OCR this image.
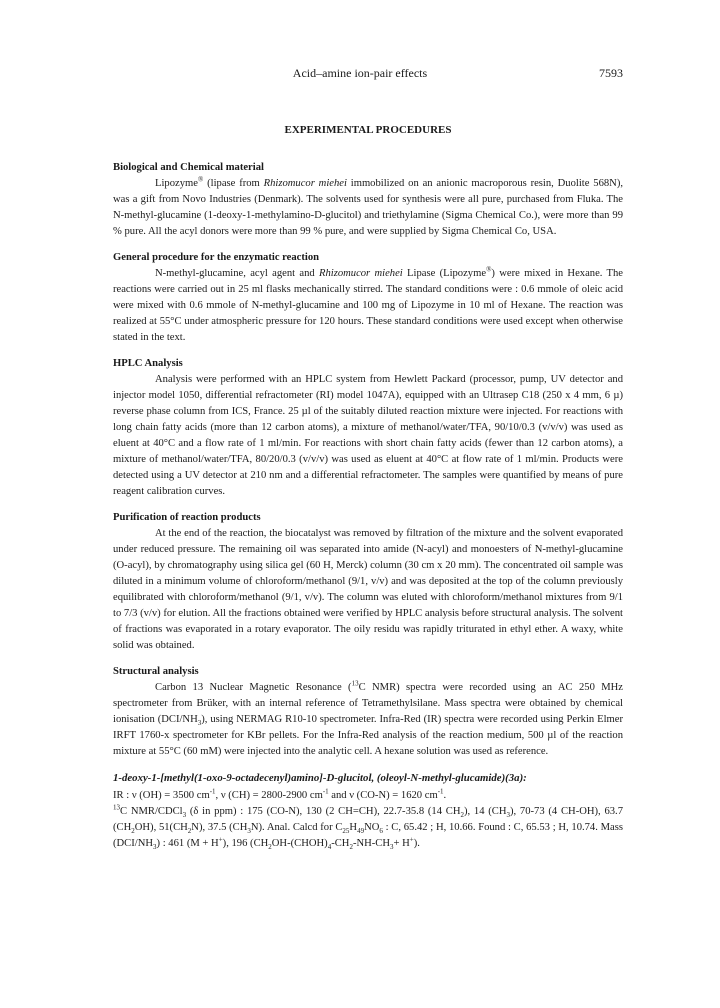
Acid–amine ion-pair effects	7593
EXPERIMENTAL PROCEDURES

Biological and Chemical material

Lipozyme® (lipase from Rhizomucor miehei immobilized on an anionic macroporous resin, Duolite 568N), was a gift from Novo Industries (Denmark). The solvents used for synthesis were all pure, purchased from Fluka. The N-methyl-glucamine (1-deoxy-1-methylamino-D-glucitol) and triethylamine (Sigma Chemical Co.), were more than 99 % pure. All the acyl donors were more than 99 % pure, and were supplied by Sigma Chemical Co, USA.

General procedure for the enzymatic reaction

N-methyl-glucamine, acyl agent and Rhizomucor miehei Lipase (Lipozyme®) were mixed in Hexane. The reactions were carried out in 25 ml flasks mechanically stirred. The standard conditions were : 0.6 mmole of oleic acid were mixed with 0.6 mmole of N-methyl-glucamine and 100 mg of Lipozyme in 10 ml of Hexane. The reaction was realized at 55°C under atmospheric pressure for 120 hours. These standard conditions were used except when otherwise stated in the text.

HPLC Analysis

Analysis were performed with an HPLC system from Hewlett Packard (processor, pump, UV detector and injector model 1050, differential refractometer (RI) model 1047A), equipped with an Ultrasep C18 (250 x 4 mm, 6 µ) reverse phase column from ICS, France. 25 µl of the suitably diluted reaction mixture were injected. For reactions with long chain fatty acids (more than 12 carbon atoms), a mixture of methanol/water/TFA, 90/10/0.3 (v/v/v) was used as eluent at 40°C and a flow rate of 1 ml/min. For reactions with short chain fatty acids (fewer than 12 carbon atoms), a mixture of methanol/water/TFA, 80/20/0.3 (v/v/v) was used as eluent at 40°C at flow rate of 1 ml/min. Products were detected using a UV detector at 210 nm and a differential refractometer. The samples were quantified by means of pure reagent calibration curves.

Purification of reaction products

At the end of the reaction, the biocatalyst was removed by filtration of the mixture and the solvent evaporated under reduced pressure. The remaining oil was separated into amide (N-acyl) and monoesters of N-methyl-glucamine (O-acyl), by chromatography using silica gel (60 H, Merck) column (30 cm x 20 mm). The concentrated oil sample was diluted in a minimum volume of chloroform/methanol (9/1, v/v) and was deposited at the top of the column previously equilibrated with chloroform/methanol (9/1, v/v). The column was eluted with chloroform/methanol mixtures from 9/1 to 7/3 (v/v) for elution. All the fractions obtained were verified by HPLC analysis before structural analysis. The solvent of fractions was evaporated in a rotary evaporator. The oily residu was rapidly triturated in ethyl ether. A waxy, white solid was obtained.

Structural analysis

Carbon 13 Nuclear Magnetic Resonance ($^{13}$C NMR) spectra were recorded using an AC 250 MHz spectrometer from Brüker, with an internal reference of Tetramethylsilane. Mass spectra were obtained by chemical ionisation $(DCI/NH_3)$, using NERMAG R10-10 spectrometer. Infra-Red (IR) spectra were recorded using Perkin Elmer IRFT 1760-x spectrometer for KBr pellets. For the Infra-Red analysis of the reaction medium, 500 µl of the reaction mixture at 55°C (60 mM) were injected into the analytic cell. A hexane solution was used as reference.

1-deoxy-1-[methyl(1-oxo-9-octadecenyl)amino]-D-glucitol, (oleoyl-N-methyl-glucamide)(3a):

IR : ν (OH) = 3500 $cm^{-1}$, ν (CH) = 2800-2900 $cm^{-1}$ and ν (CO-N) = 1620 $cm^{-1}$.

$^{13}$C NMR/CDCl$_3$ (δ in ppm) : 175 (CO-N), 130 (2 CH=CH), 22.7-35.8 (14 $CH_2$), 14 $(CH_3)$, 70-73 (4 CH-OH), 63.7 $(CH_2OH)$, $51(CH_2N)$, 37.5 $(CH_3N)$. Anal. Calcd for $C_{25}H_{49}NO_6$ : C, 65.42 ; H, 10.66. Found : C, 65.53 ; H, 10.74. Mass $(DCI/NH_3)$ : 461 (M + H+), 196 $(CH_2OH-(CHOH)_4-CH_2-NH-CH_3+ H^+)$.
